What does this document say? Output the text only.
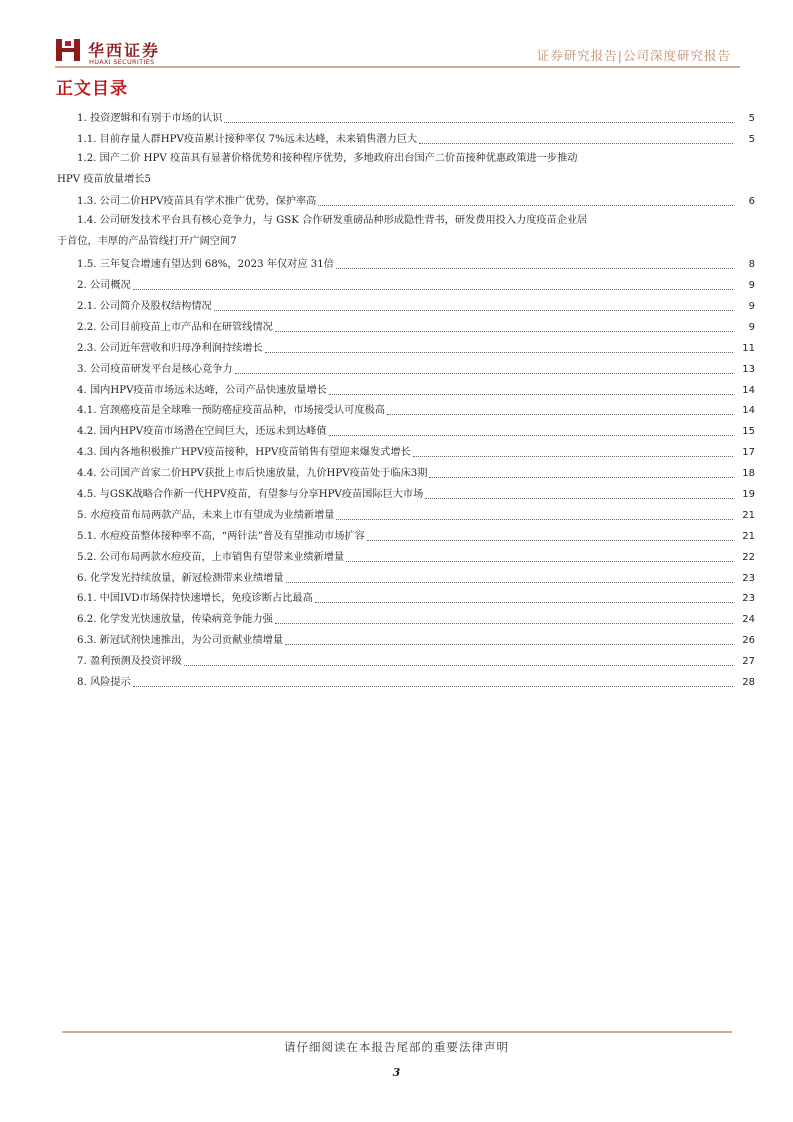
华西证券
HUAXI SECURITIES	证券研究报告|公司深度研究报告
正文目录
1. 投资逻辑和有别于市场的认识	5
1.1. 目前存量人群HPV疫苗累计接种率仅 7%远未达峰，未来销售潜力巨大	5
1.2. 国产二价 HPV 疫苗具有显著价格优势和接种程序优势，多地政府出台国产二价苗接种优惠政策进一步推动
HPV 疫苗放量增长 5
1.3. 公司二价HPV疫苗具有学术推广优势，保护率高	6
1.4. 公司研发技术平台具有核心竞争力，与 GSK 合作研发重磅品种形成隐性背书，研发费用投入力度疫苗企业居
于首位，丰厚的产品管线打开广阔空间 7
1.5. 三年复合增速有望达到 68%，2023 年仅对应 31倍	8
2. 公司概况	9
2.1. 公司简介及股权结构情况	9
2.2. 公司目前疫苗上市产品和在研管线情况	9
2.3. 公司近年营收和归母净利润持续增长	11
3. 公司疫苗研发平台是核心竞争力	13
4. 国内HPV疫苗市场远未达峰，公司产品快速放量增长	14
4.1. 宫颈癌疫苗是全球唯一预防癌症疫苗品种，市场接受认可度极高	14
4.2. 国内HPV疫苗市场潜在空间巨大，还远未到达峰值	15
4.3. 国内各地积极推广HPV疫苗接种，HPV疫苗销售有望迎来爆发式增长	17
4.4. 公司国产首家二价HPV获批上市后快速放量，九价HPV疫苗处于临床3期	18
4.5. 与GSK战略合作新一代HPV疫苗，有望参与分享HPV疫苗国际巨大市场	19
5. 水痘疫苗布局两款产品，未来上市有望成为业绩新增量	21
5.1. 水痘疫苗整体接种率不高，“两针法”普及有望推动市场扩容	21
5.2. 公司布局两款水痘疫苗，上市销售有望带来业绩新增量	22
6. 化学发光持续放量，新冠检测带来业绩增量	23
6.1. 中国IVD市场保持快速增长，免疫诊断占比最高	23
6.2. 化学发光快速放量，传染病竞争能力强	24
6.3. 新冠试剂快速推出，为公司贡献业绩增量	26
7. 盈利预测及投资评级	27
8. 风险提示	28
请仔细阅读在本报告尾部的重要法律声明
3
